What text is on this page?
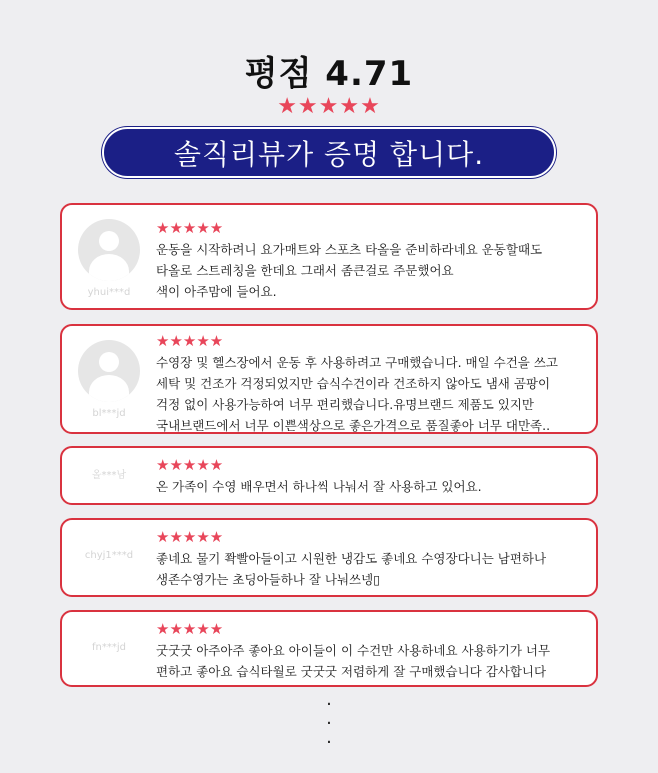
평점 4.71
★★★★★
솔직리뷰가 증명 합니다.
yhui***d
★★★★★
운동을 시작하려니 요가매트와 스포츠 타올을 준비하라네요 운동할때도
타올로 스트레칭을 한데요 그래서 좀큰걸로 주문했어요
색이 아주맘에 들어요.
bl***jd
★★★★★
수영장 및 헬스장에서 운동 후 사용하려고 구매했습니다. 매일 수건을 쓰고
세탁 및 건조가 걱정되었지만 습식수건이라 건조하지 않아도 냄새 곰팡이
걱정 없이 사용가능하여 너무 편리했습니다.유명브랜드 제품도 있지만
국내브랜드에서 너무 이쁜색상으로 좋은가격으로 품질좋아 너무 대만족..
올***남
★★★★★
온 가족이 수영 배우면서 하나씩 나눠서 잘 사용하고 있어요.
chyj1***d
★★★★★
좋네요 물기 쫙빨아들이고 시원한 냉감도 좋네요 수영장다니는 남편하나
생존수영가는 초딩아들하나 잘 나눠쓰넹▯
fn***jd
★★★★★
굿굿굿 아주아주 좋아요 아이들이 이 수건만 사용하네요 사용하기가 너무
편하고 좋아요 습식타월로 굿굿굿 저렴하게 잘 구매했습니다 감사합니다
·
·
·
